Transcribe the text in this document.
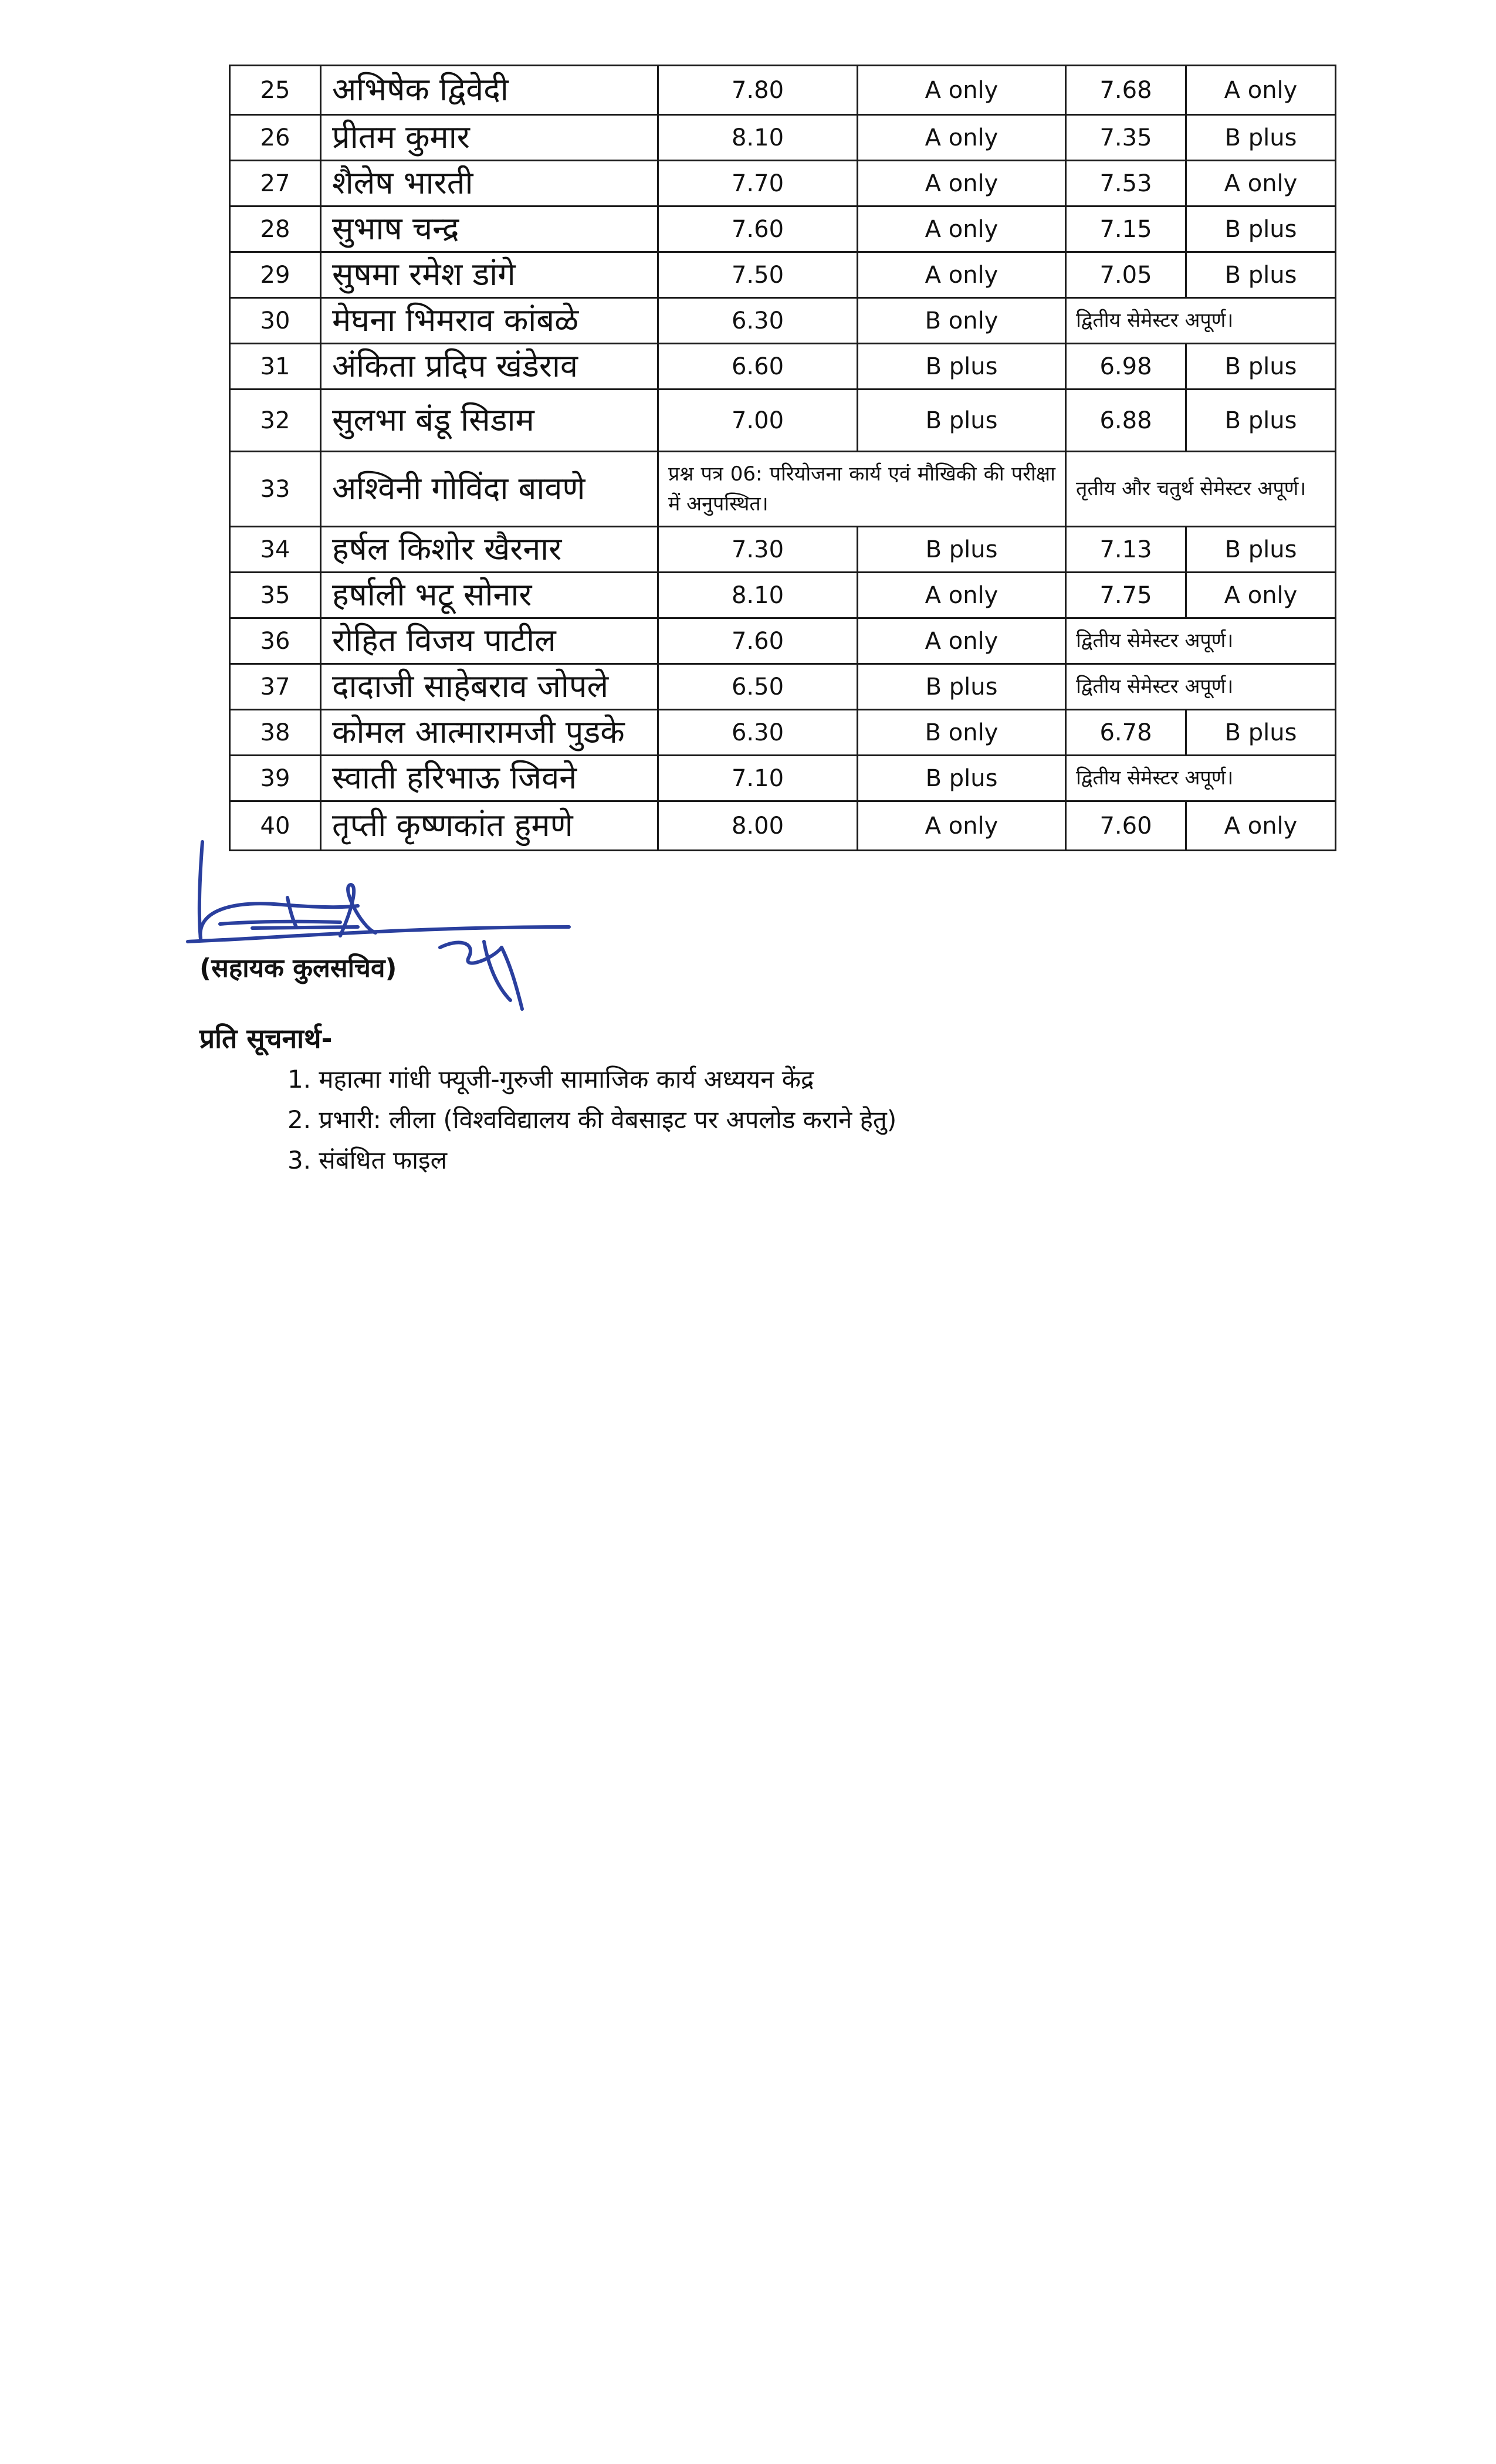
25	अभिषेक द्विवेदी	7.80	A only	7.68	A only
26	प्रीतम कुमार	8.10	A only	7.35	B plus
27	शैलेष भारती	7.70	A only	7.53	A only
28	सुभाष चन्द्र	7.60	A only	7.15	B plus
29	सुषमा रमेश डांगे	7.50	A only	7.05	B plus
30	मेघना भिमराव कांबळे	6.30	B only	द्वितीय सेमेस्टर अपूर्ण।	
31	अंकिता प्रदिप खंडेराव	6.60	B plus	6.98	B plus
32	सुलभा बंडू सिडाम	7.00	B plus	6.88	B plus
33	अश्विनी गोविंदा बावणे	प्रश्न पत्र 06: परियोजना कार्य एवं मौखिकी की परीक्षा में अनुपस्थित।		तृतीय और चतुर्थ सेमेस्टर अपूर्ण।	
34	हर्षल किशोर खैरनार	7.30	B plus	7.13	B plus
35	हर्षाली भटू सोनार	8.10	A only	7.75	A only
36	रोहित विजय पाटील	7.60	A only	द्वितीय सेमेस्टर अपूर्ण।	
37	दादाजी साहेबराव जोपले	6.50	B plus	द्वितीय सेमेस्टर अपूर्ण।	
38	कोमल आत्मारामजी पुडके	6.30	B only	6.78	B plus
39	स्वाती हरिभाऊ जिवने	7.10	B plus	द्वितीय सेमेस्टर अपूर्ण।	
40	तृप्ती कृष्णकांत हुमणे	8.00	A only	7.60	A only

(सहायक कुलसचिव)

प्रति सूचनार्थ-

1. महात्मा गांधी फ्यूजी-गुरुजी सामाजिक कार्य अध्ययन केंद्र
2. प्रभारी: लीला (विश्वविद्यालय की वेबसाइट पर अपलोड कराने हेतु)
3. संबंधित फाइल
